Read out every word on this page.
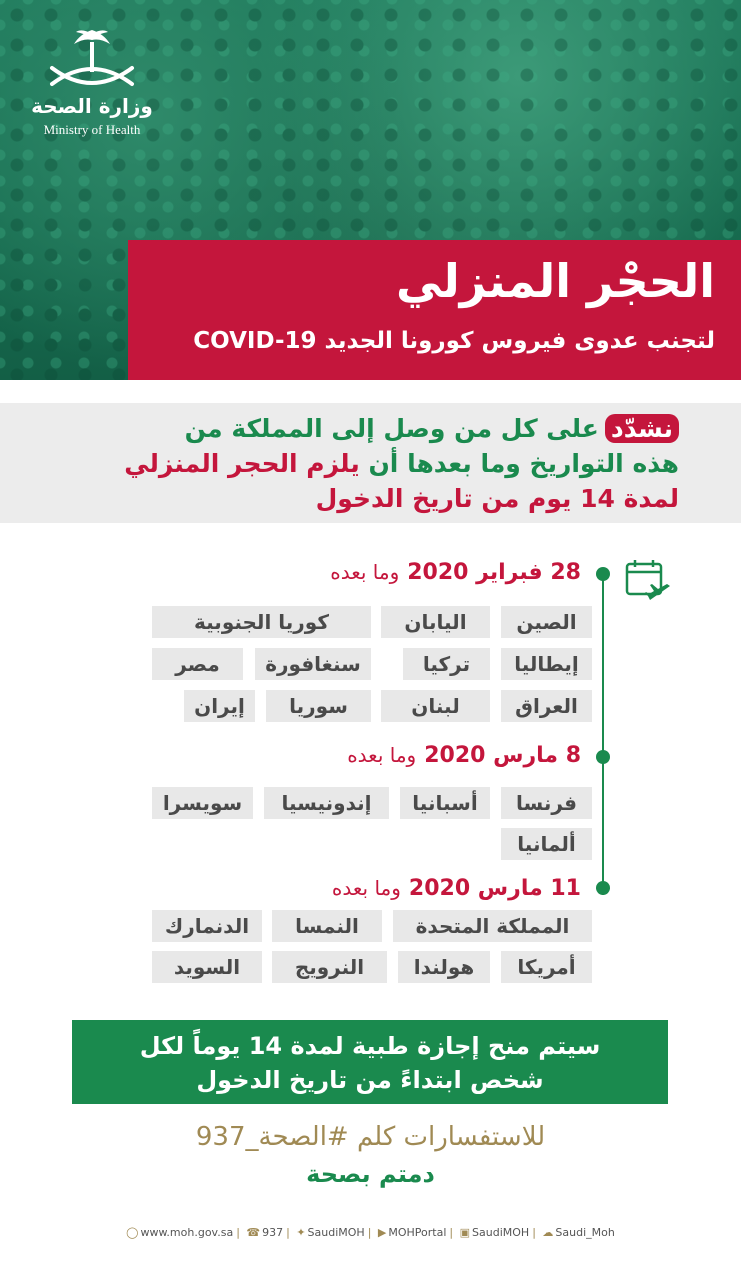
وزارة الصحة
Ministry of Health
الحجْر المنزلي
لتجنب عدوى فيروس كورونا الجديد COVID-19
نشدّدعلى كل من وصل إلى المملكة من
هذه التواريخ وما بعدها أن يلزم الحجر المنزلي
لمدة 14 يوم من تاريخ الدخول
28 فبراير 2020وما بعده
الصين
اليابان
كوريا الجنوبية
إيطاليا
تركيا
سنغافورة
مصر
العراق
لبنان
سوريا
إيران
8 مارس 2020وما بعده
فرنسا
أسبانيا
إندونيسيا
سويسرا
ألمانيا
11 مارس 2020وما بعده
المملكة المتحدة
النمسا
الدنمارك
أمريكا
هولندا
النرويج
السويد
سيتم منح إجازة طبية لمدة 14 يوماً لكل
شخص ابتداءً من تاريخ الدخول
للاستفسارات كلم #الصحة_937
دمتم بصحة
◯ www.moh.gov.sa | ☎ 937 | ✦ SaudiMOH | ▶ MOHPortal | ▣ SaudiMOH | ☁ Saudi_Moh
